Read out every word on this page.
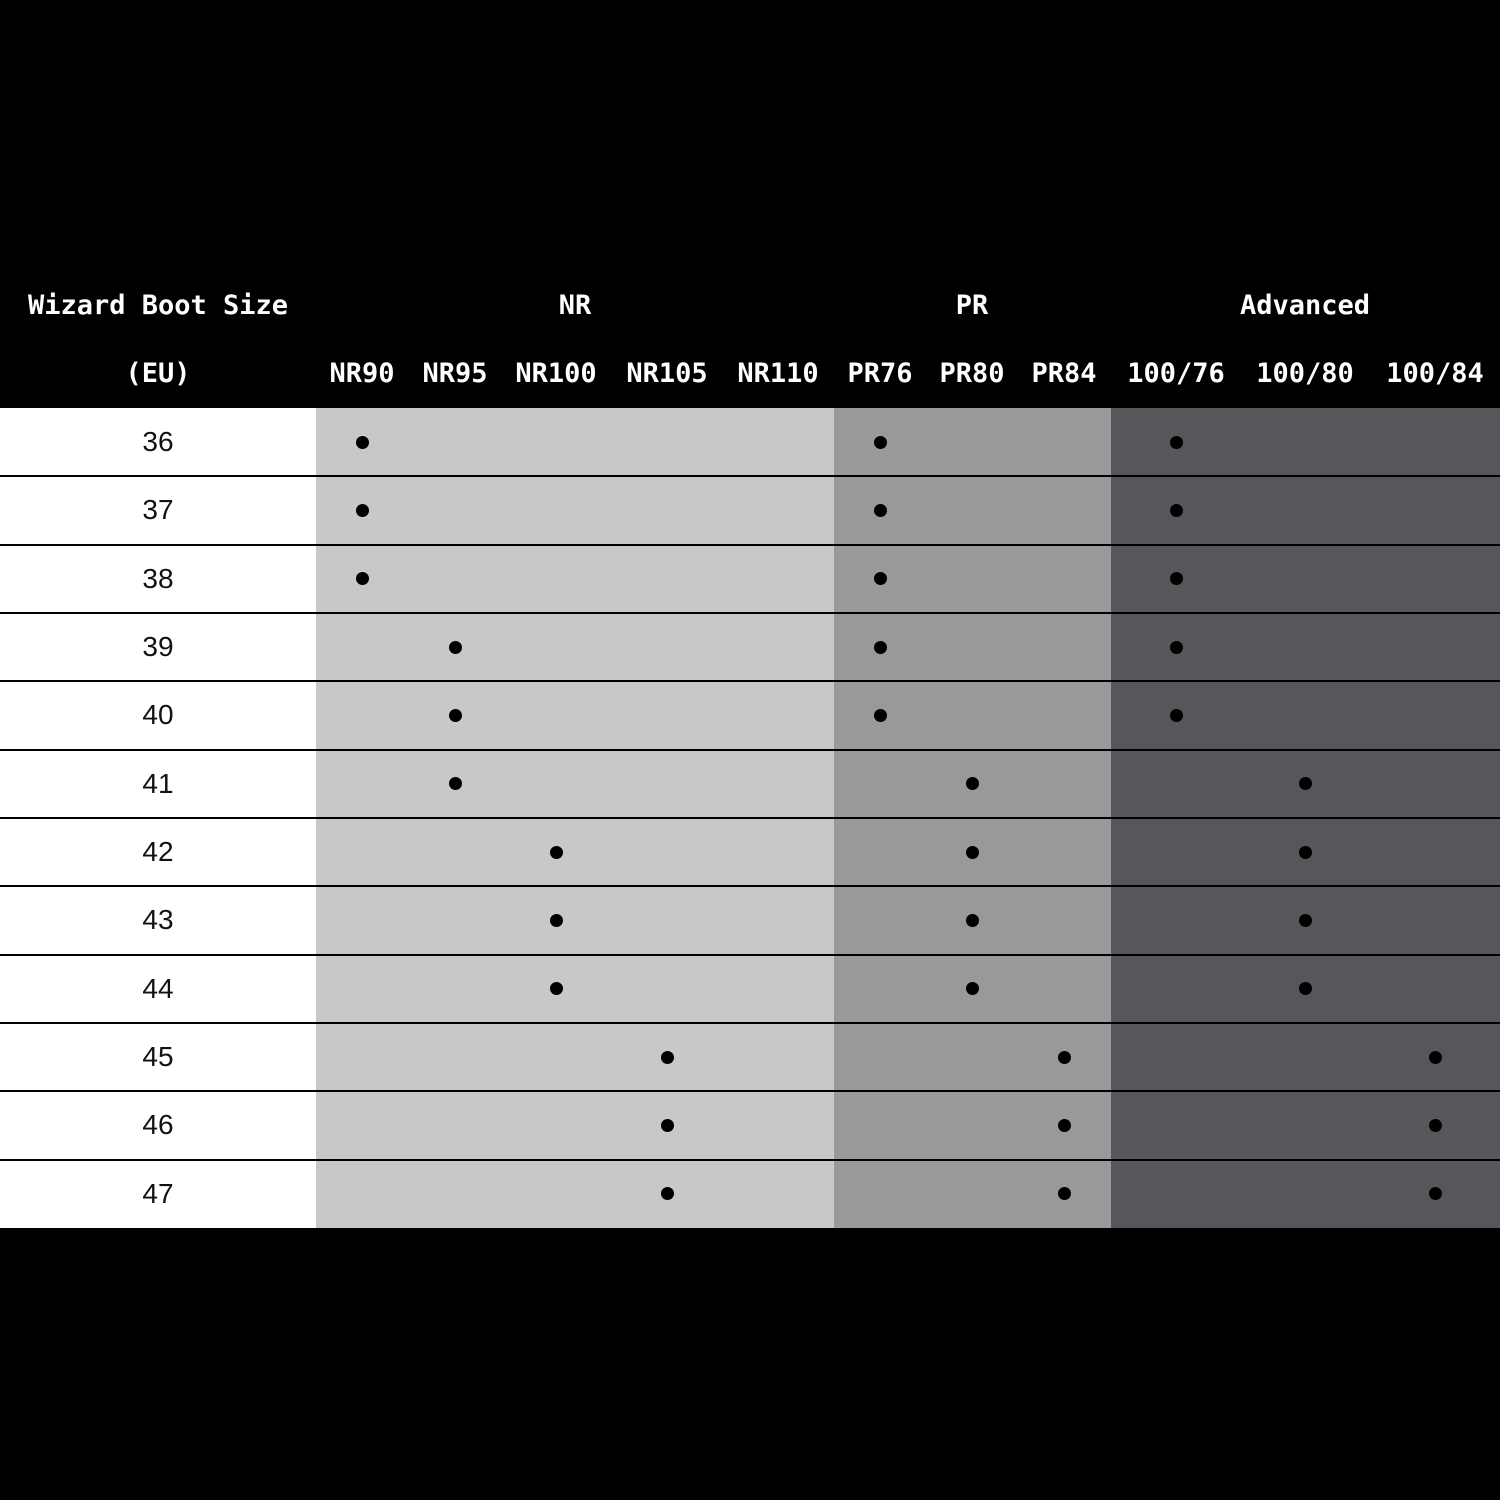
Wizard Boot Size
(EU)
NR	PR	Advanced
NR90 NR95 NR100 NR105 NR110 PR76 PR80 PR84 100/76 100/80 100/84
36
37
38
39
40
41
42
43
44
45
46
47
